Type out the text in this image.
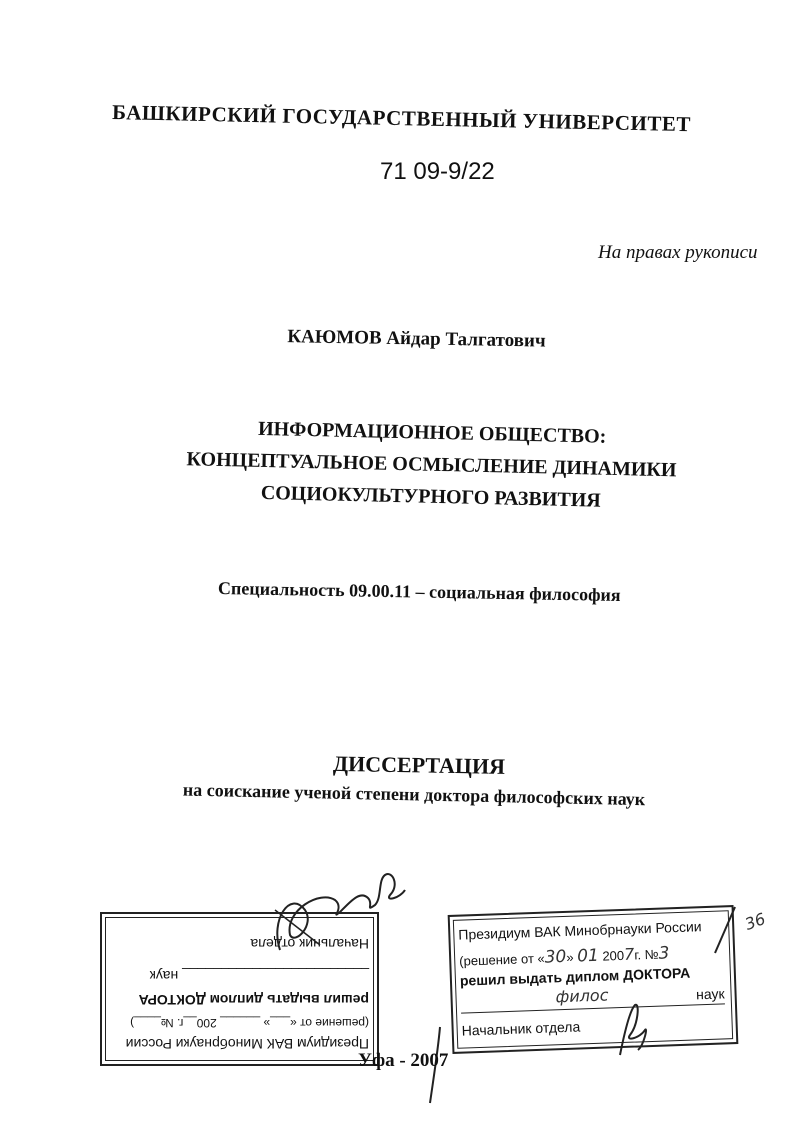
БАШКИРСКИЙ ГОСУДАРСТВЕННЫЙ УНИВЕРСИТЕТ
71 09-9/22
На правах рукописи
КАЮМОВ Айдар Талгатович
ИНФОРМАЦИОННОЕ ОБЩЕСТВО:
КОНЦЕПТУАЛЬНОЕ ОСМЫСЛЕНИЕ ДИНАМИКИ
СОЦИОКУЛЬТУРНОГО РАЗВИТИЯ
Специальность 09.00.11 – социальная философия
ДИССЕРТАЦИЯ
на соискание ученой степени доктора философских наук
Президиум ВАК Минобрнауки России
(решение от «___» ______ 200__г. №____)
решил выдать диплом ДОКТОРА
________________________ наук
Начальник отдела
Президиум ВАК Минобрнауки России
(решение от «30» 01 2007г. №3
решил выдать диплом ДОКТОРА
филос	наук
Начальник отдела
36
Уфа - 2007
